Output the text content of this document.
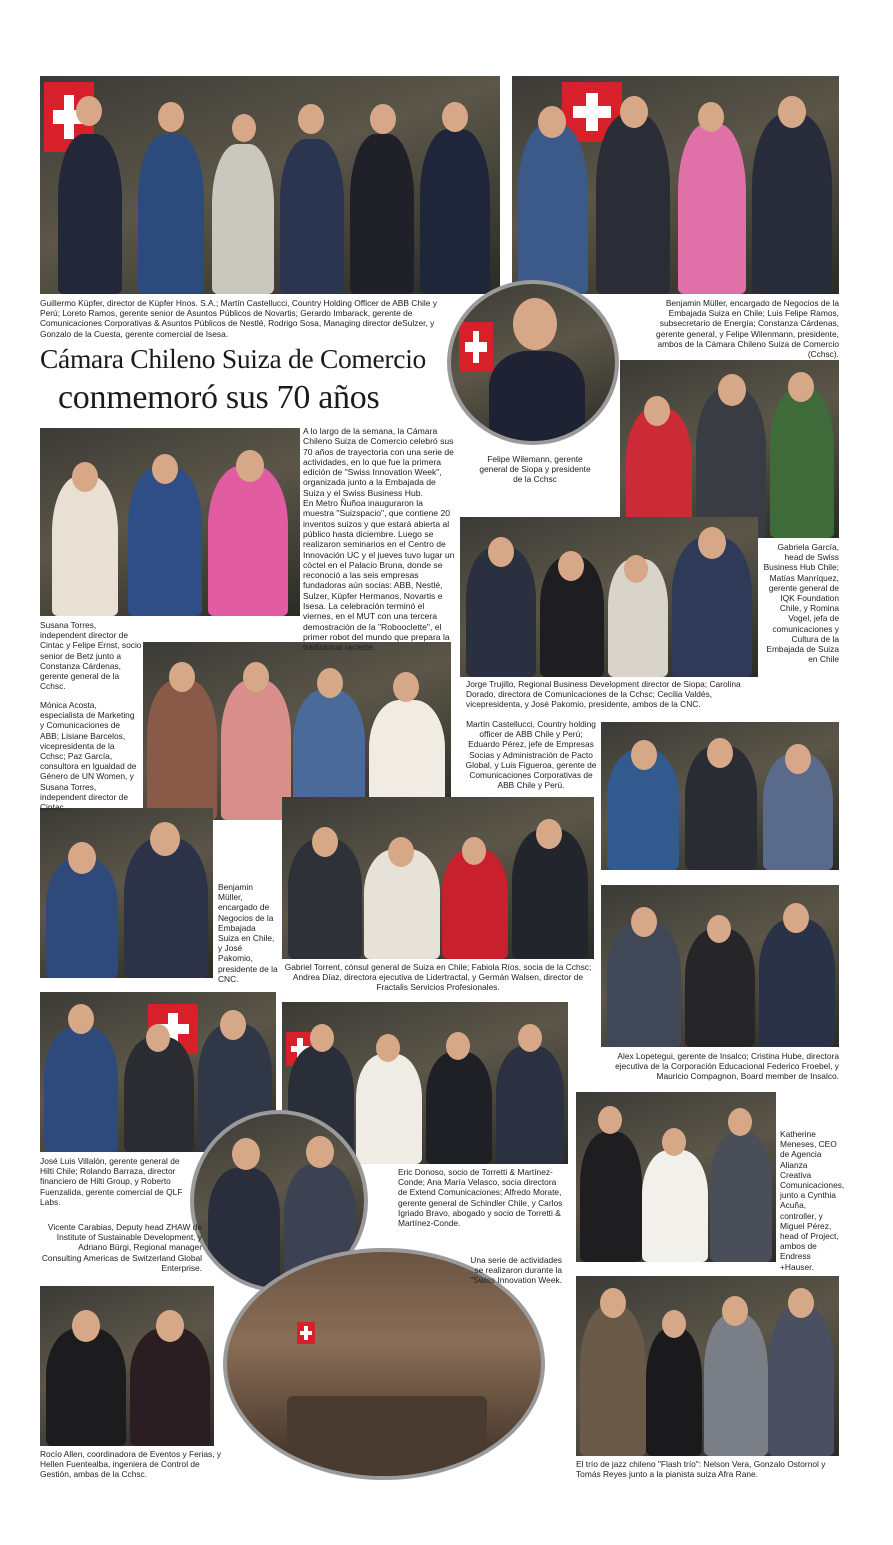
Cámara Chileno Suiza de Comercio
conmemoró sus 70 años
A lo largo de la semana, la Cámara Chileno Suiza de Comercio celebró sus 70 años de trayectoria con una serie de actividades, en lo que fue la primera edición de "Swiss Innovation Week", organizada junto a la Embajada de Suiza y el Swiss Business Hub.
En Metro Ñuñoa inauguraron la muestra "Suizspacio", que contiene 20 inventos suizos y que estará abierta al público hasta diciembre. Luego se realizaron seminarios en el Centro de Innovación UC y el jueves tuvo lugar un cóctel en el Palacio Bruna, donde se reconoció a las seis empresas fundadoras aún socias: ABB, Nestlé, Sulzer, Küpfer Hermanos, Novartis e Isesa. La celebración terminó el viernes, en el MUT con una tercera demostración de la "Robooclette", el primer robot del mundo que prepara la tradicional raclette.
Guillermo Küpfer, director de Küpfer Hnos. S.A.; Martín Castellucci, Country Holding Officer de ABB Chile y Perú; Loreto Ramos, gerente senior de Asuntos Públicos de Novartis; Gerardo Imbarack, gerente de Comunicaciones Corporativas & Asuntos Públicos de Nestlé, Rodrigo Sosa, Managing director deSulzer, y Gonzalo de la Cuesta, gerente comercial de Isesa.
Benjamin Müller, encargado de Negocios de la Embajada Suiza en Chile; Luis Felipe Ramos, subsecretario de Energía; Constanza Cárdenas, gerente general, y Felipe Wilenmann, presidente, ambos de la Cámara Chileno Suiza de Comercio (Cchsc).
Felipe Wilemann, gerente general de Siopa y presidente de la Cchsc
Susana Torres, independent director de Cintac y Felipe Ernst, socio senior de Betz junto a Constanza Cárdenas, gerente general de la Cchsc.
Gabriela García, head de Swiss Business Hub Chile; Matías Manríquez, gerente general de IQK Foundation Chile, y Romina Vogel, jefa de comunicaciones y Cultura de la Embajada de Suiza en Chile
Mónica Acosta, especialista de Marketing y Comunicaciones de ABB; Lisiane Barcelos, vicepresidenta de la Cchsc; Paz García, consultora en Igualdad de Género de UN Women, y Susana Torres, independent director de Cintac.
Jorge Trujillo, Regional Business Development director de Siopa; Carolina Dorado, directora de Comunicaciones de la Cchsc; Cecilia Valdés, vicepresidenta, y José Pakomio, presidente, ambos de la CNC.
Martín Castellucci, Country holding officer de ABB Chile y Perú; Eduardo Pérez, jefe de Empresas Socias y Administración de Pacto Global, y Luis Figueroa, gerente de Comunicaciones Corporativas de ABB Chile y Perú.
Benjamin Müller, encargado de Negocios de la Embajada Suiza en Chile, y José Pakomio, presidente de la CNC.
Gabriel Torrent, cónsul general de Suiza en Chile; Fabiola Ríos, socia de la Cchsc; Andrea Díaz, directora ejecutiva de Lidertractal, y Germán Walsen, director de Fractalis Servicios Profesionales.
Alex Lopetegui, gerente de Insalco; Cristina Hube, directora ejecutiva de la Corporación Educacional Federico Froebel, y Mauricio Compagnon, Board member de Insalco.
José Luis Villalón, gerente general de Hilti Chile; Rolando Barraza, director financiero de Hilti Group, y Roberto Fuenzalida, gerente comercial de QLF Labs.
Eric Donoso, socio de Torretti & Martínez-Conde; Ana María Velasco, socia directora de Extend Comunicaciones; Alfredo Morate, gerente general de Schindler Chile, y Carlos Igriado Bravo, abogado y socio de Torretti & Martínez-Conde.
Katherine Meneses, CEO de Agencia Alianza Creativa Comunicaciones, junto a Cynthia Acuña, controller, y Miguel Pérez, head of Project, ambos de Endress +Hauser.
Vicente Carabias, Deputy head ZHAW de Institute of Sustainable Development, y Adriano Bürgi, Regional manager Consulting Americas de Switzerland Global Enterprise.
Una serie de actividades se realizaron durante la "Swiss Innovation Week.
Rocío Allen, coordinadora de Eventos y Ferias, y Hellen Fuentealba, ingeniera de Control de Gestión, ambas de la Cchsc.
El trío de jazz chileno "Flash trío": Nelson Vera, Gonzalo Ostornol y Tomás Reyes junto a la pianista suiza Afra Rane.
